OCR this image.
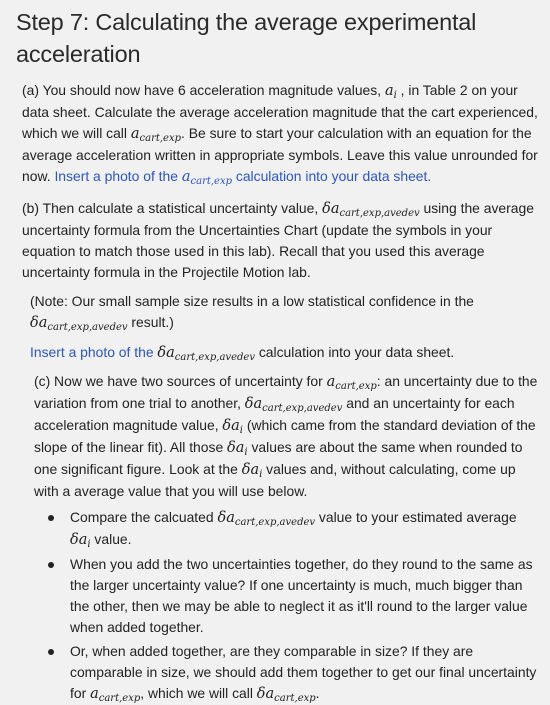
Step 7: Calculating the average experimental acceleration

(a) You should now have 6 acceleration magnitude values, $a_i$ , in Table 2 on your data sheet. Calculate the average acceleration magnitude that the cart experienced, which we will call $a_{cart,exp}$. Be sure to start your calculation with an equation for the average acceleration written in appropriate symbols. Leave this value unrounded for now. Insert a photo of the $a_{cart,exp}$ calculation into your data sheet.

(b) Then calculate a statistical uncertainty value, $\delta a_{cart,exp,avedev}$ using the average uncertainty formula from the Uncertainties Chart (update the symbols in your equation to match those used in this lab). Recall that you used this average uncertainty formula in the Projectile Motion lab.

(Note: Our small sample size results in a low statistical confidence in the $\delta a_{cart,exp,avedev}$ result.)

Insert a photo of the $\delta a_{cart,exp,avedev}$ calculation into your data sheet.

(c) Now we have two sources of uncertainty for $a_{cart,exp}$: an uncertainty due to the variation from one trial to another, $\delta a_{cart,exp,avedev}$ and an uncertainty for each acceleration magnitude value, $\delta a_i$ (which came from the standard deviation of the slope of the linear fit). All those $\delta a_i$ values are about the same when rounded to one significant figure. Look at the $\delta a_i$ values and, without calculating, come up with a average value that you will use below.

Compare the calcuated $\delta a_{cart,exp,avedev}$ value to your estimated average $\delta a_i$ value.
When you add the two uncertainties together, do they round to the same as the larger uncertainty value? If one uncertainty is much, much bigger than the other, then we may be able to neglect it as it'll round to the larger value when added together.
Or, when added together, are they comparable in size? If they are comparable in size, we should add them together to get our final uncertainty for $a_{cart,exp}$, which we will call $\delta a_{cart,exp}$.
